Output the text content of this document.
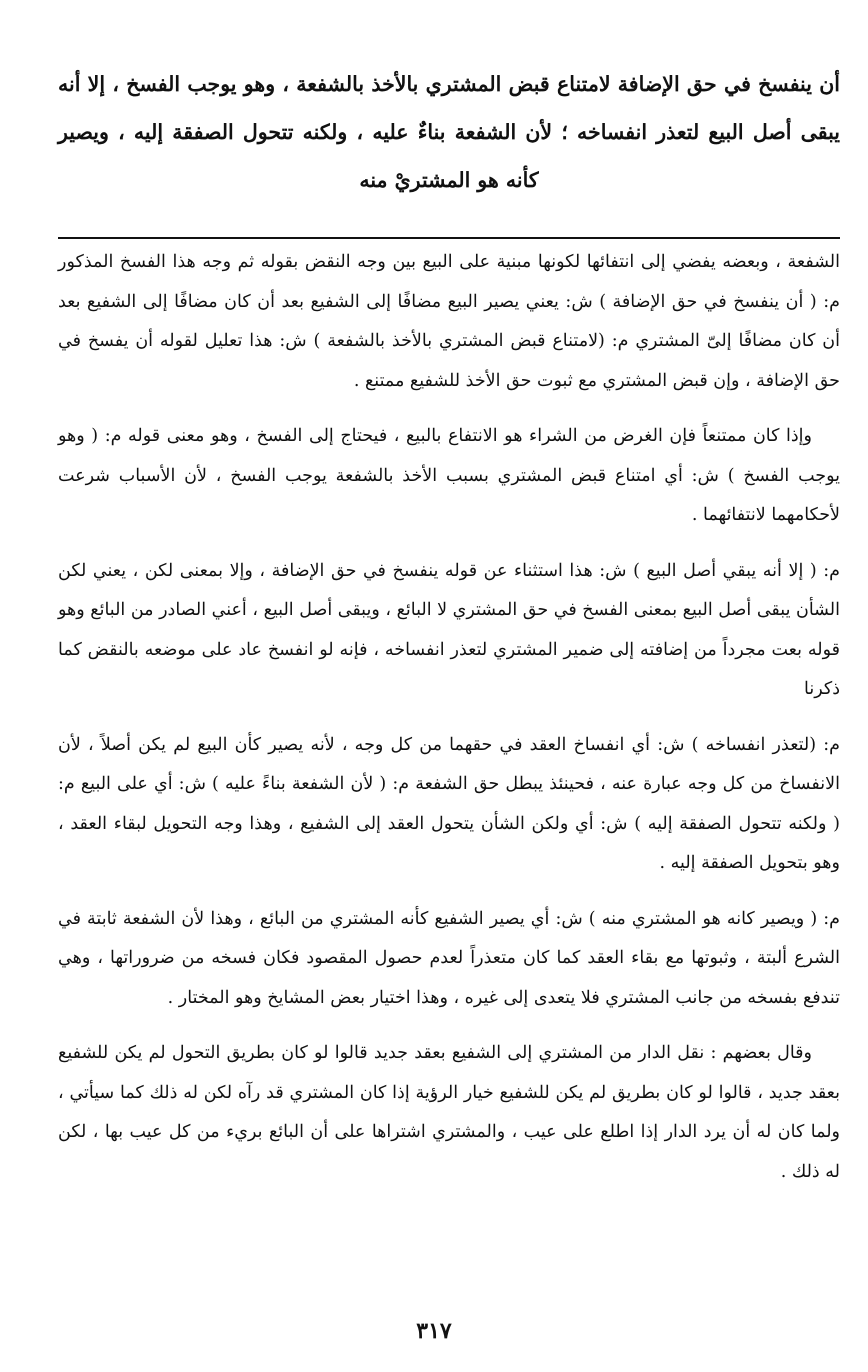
أن ينفسخ في حق الإضافة لامتناع قبض المشتري بالأخذ بالشفعة ، وهو يوجب الفسخ ، إلا أنه يبقى أصل البيع لتعذر انفساخه ؛ لأن الشفعة بناءٌ عليه ، ولكنه تتحول الصفقة إليه ، ويصير كأنه هو المشتريْ منه

الشفعة ، وبعضه يفضي إلى انتفائها لكونها مبنية على البيع بين وجه النقض بقوله ثم وجه هذا الفسخ المذكور م: ( أن ينفسخ في حق الإضافة ) ش: يعني يصير البيع مضافًا إلى الشفيع بعد أن كان مضافًا إلى الشفيع بعد أن كان مضافًا إلىّ المشتري م: (لامتناع قبض المشتري بالأخذ بالشفعة ) ش: هذا تعليل لقوله أن يفسخ في حق الإضافة ، وإن قبض المشتري مع ثبوت حق الأخذ للشفيع ممتنع .

وإذا كان ممتنعاً فإن الغرض من الشراء هو الانتفاع بالبيع ، فيحتاج إلى الفسخ ، وهو معنى قوله م: ( وهو يوجب الفسخ ) ش: أي امتناع قبض المشتري بسبب الأخذ بالشفعة يوجب الفسخ ، لأن الأسباب شرعت لأحكامهما لانتفائهما .

م: ( إلا أنه يبقي أصل البيع ) ش: هذا استثناء عن قوله ينفسخ في حق الإضافة ، وإلا بمعنى لكن ، يعني لكن الشأن يبقى أصل البيع بمعنى الفسخ في حق المشتري لا البائع ، ويبقى أصل البيع ، أعني الصادر من البائع وهو قوله بعت مجرداً من إضافته إلى ضمير المشتري لتعذر انفساخه ، فإنه لو انفسخ عاد على موضعه بالنقض كما ذكرنا

م: (لتعذر انفساخه ) ش: أي انفساخ العقد في حقهما من كل وجه ، لأنه يصير كأن البيع لم يكن أصلاً ، لأن الانفساخ من كل وجه عبارة عنه ، فحينئذ يبطل حق الشفعة م: ( لأن الشفعة بناءً عليه ) ش: أي على البيع م: ( ولكنه تتحول الصفقة إليه ) ش: أي ولكن الشأن يتحول العقد إلى الشفيع ، وهذا وجه التحويل لبقاء العقد ، وهو بتحويل الصفقة إليه .

م: ( ويصير كانه هو المشتري منه ) ش: أي يصير الشفيع كأنه المشتري من البائع ، وهذا لأن الشفعة ثابتة في الشرع ألبتة ، وثبوتها مع بقاء العقد كما كان متعذراً لعدم حصول المقصود فكان فسخه من ضروراتها ، وهي تندفع بفسخه من جانب المشتري فلا يتعدى إلى غيره ، وهذا اختيار بعض المشايخ وهو المختار .

وقال بعضهم : نقل الدار من المشتري إلى الشفيع بعقد جديد قالوا لو كان بطريق التحول لم يكن للشفيع بعقد جديد ، قالوا لو كان بطريق لم يكن للشفيع خيار الرؤية إذا كان المشتري قد رآه لكن له ذلك كما سيأتي ، ولما كان له أن يرد الدار إذا اطلع على عيب ، والمشتري اشتراها على أن البائع بريء من كل عيب بها ، لكن له ذلك .

٣١٧
